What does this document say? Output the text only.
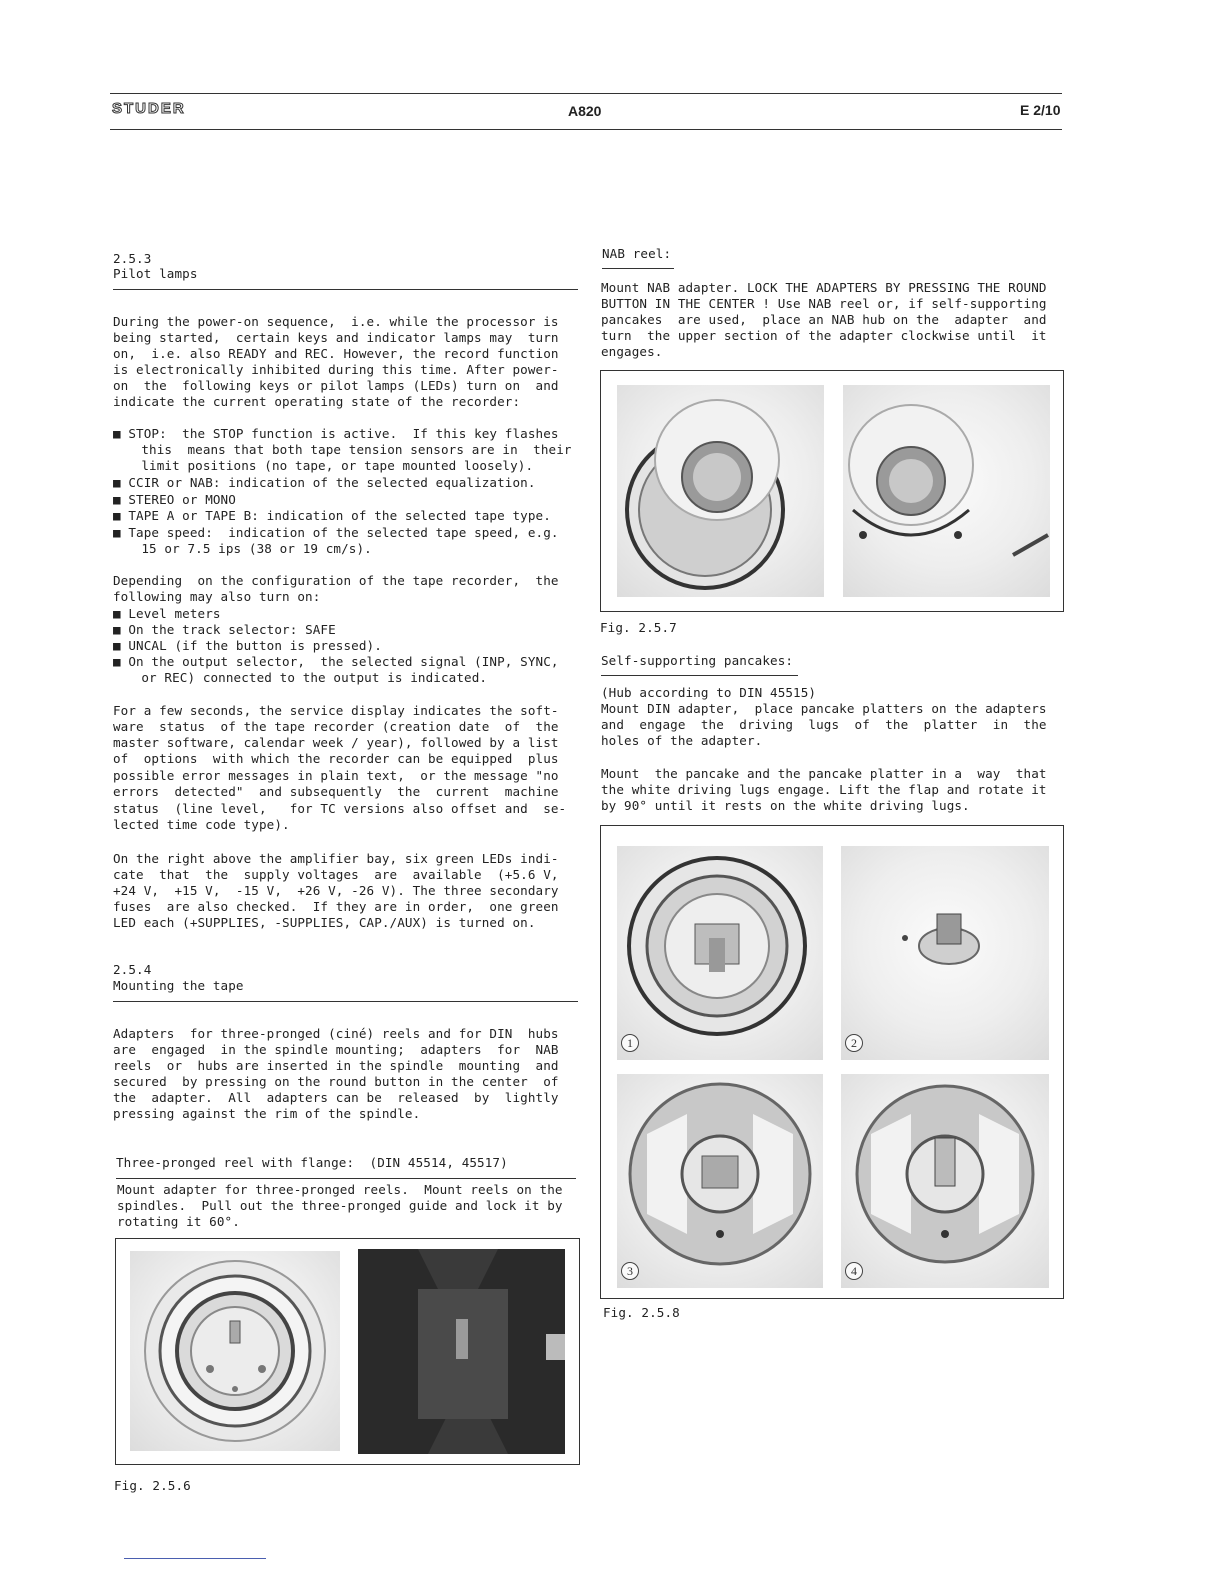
STUDER	A820	E 2/10
2.5.3
Pilot lamps
During the power-on sequence,  i.e. while the processor is
being started,  certain keys and indicator lamps may  turn
on,  i.e. also READY and REC. However, the record function
is electronically inhibited during this time. After power-
on  the  following keys or pilot lamps (LEDs) turn on  and
indicate the current operating state of the recorder:
■ STOP:  the STOP function is active.  If this key flashes
this  means that both tape tension sensors are in  their
limit positions (no tape, or tape mounted loosely).
■ CCIR or NAB: indication of the selected equalization.
■ STEREO or MONO
■ TAPE A or TAPE B: indication of the selected tape type.
■ Tape speed:  indication of the selected tape speed, e.g.
15 or 7.5 ips (38 or 19 cm/s).
Depending  on the configuration of the tape recorder,  the
following may also turn on:
■ Level meters
■ On the track selector: SAFE
■ UNCAL (if the button is pressed).
■ On the output selector,  the selected signal (INP, SYNC,
or REC) connected to the output is indicated.
For a few seconds, the service display indicates the soft-
ware  status  of the tape recorder (creation date  of  the
master software, calendar week / year), followed by a list
of  options  with which the recorder can be equipped  plus
possible error messages in plain text,  or the message "no
errors  detected"  and subsequently  the  current  machine
status  (line level,   for TC versions also offset and  se-
lected time code type).
On the right above the amplifier bay, six green LEDs indi-
cate  that  the  supply voltages  are  available  (+5.6 V,
+24 V,  +15 V,  -15 V,  +26 V, -26 V). The three secondary
fuses  are also checked.  If they are in order,  one green
LED each (+SUPPLIES, -SUPPLIES, CAP./AUX) is turned on.
2.5.4
Mounting the tape
Adapters  for three-pronged (ciné) reels and for DIN  hubs
are  engaged  in the spindle mounting;  adapters  for  NAB
reels  or  hubs are inserted in the spindle  mounting  and
secured  by pressing on the round button in the center  of
the  adapter.  All  adapters can be  released  by  lightly
pressing against the rim of the spindle.
Three-pronged reel with flange:  (DIN 45514, 45517)
Mount adapter for three-pronged reels.  Mount reels on the
spindles.  Pull out the three-pronged guide and lock it by
rotating it 60°.
Fig. 2.5.6
NAB reel:
Mount NAB adapter. LOCK THE ADAPTERS BY PRESSING THE ROUND
BUTTON IN THE CENTER ! Use NAB reel or, if self-supporting
pancakes  are used,  place an NAB hub on the  adapter  and
turn  the upper section of the adapter clockwise until  it
engages.
Fig. 2.5.7
Self-supporting pancakes:
(Hub according to DIN 45515)
Mount DIN adapter,  place pancake platters on the adapters
and  engage  the  driving  lugs  of  the  platter  in  the
holes of the adapter.
Mount  the pancake and the pancake platter in a  way  that
the white driving lugs engage. Lift the flap and rotate it
by 90° until it rests on the white driving lugs.
1	2
3	4
Fig. 2.5.8
